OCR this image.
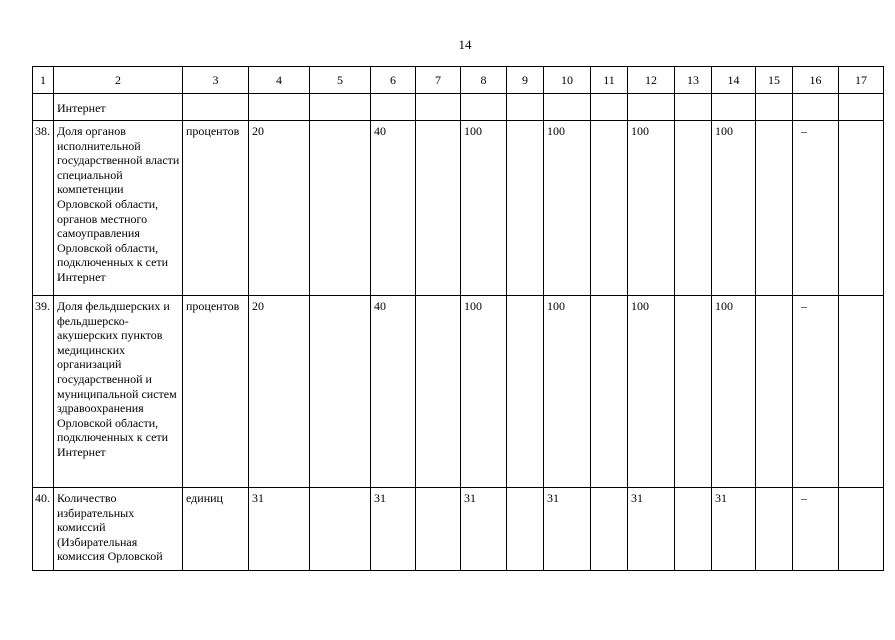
14
1	2	3	4	5	6	7	8	9	10	11	12	13	14	15	16	17
	Интернет															
38.	Доля органов исполнительной государственной власти специальной компетенции Орловской области, органов местного самоуправления Орловской области, подключенных к сети Интернет	процентов	20		40		100		100		100		100		–	
39.	Доля фельдшерских и фельдшерско-акушерских пунктов медицинских организаций государственной и муниципальной систем здравоохранения Орловской области, подключенных к сети Интернет	процентов	20		40		100		100		100		100		–	
40.	Количество избирательных комиссий (Избирательная комиссия Орловской	единиц	31		31		31		31		31		31		–	
